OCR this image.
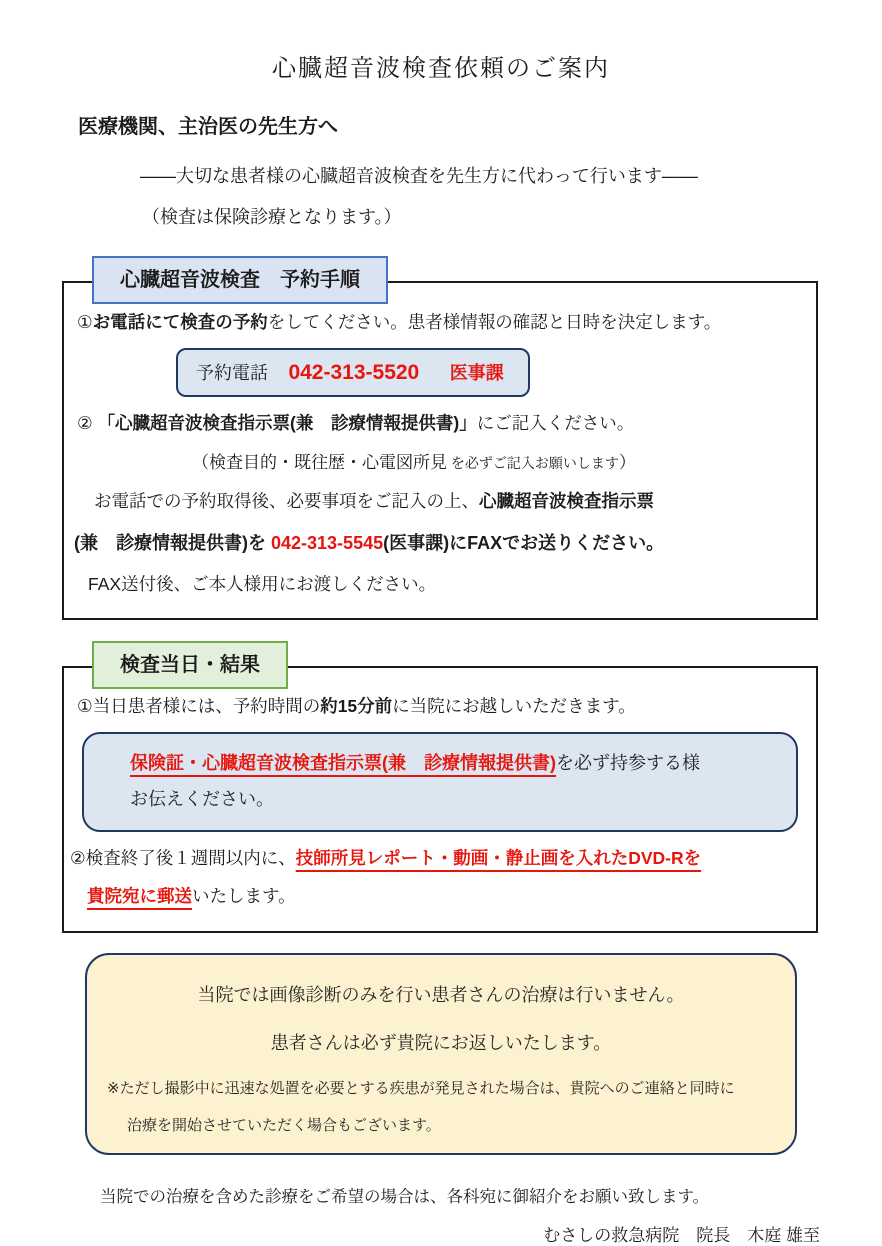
心臓超音波検査依頼のご案内
医療機関、主治医の先生方へ

――大切な患者様の心臓超音波検査を先生方に代わって行います――

（検査は保険診療となります。）

心臓超音波検査　予約手順

①お電話にて検査の予約をしてください。患者様情報の確認と日時を決定します。

予約電話 042-313-5520 医事課

② 「心臓超音波検査指示票(兼　診療情報提供書)」にご記入ください。

（検査目的・既往歴・心電図所見 を必ずご記入お願いします）

お電話での予約取得後、必要事項をご記入の上、心臓超音波検査指示票

(兼　診療情報提供書)を 042-313-5545(医事課)にFAXでお送りください。

FAX送付後、ご本人様用にお渡しください。

検査当日・結果

①当日患者様には、予約時間の約15分前に当院にお越しいただきます。

保険証・心臓超音波検査指示票(兼　診療情報提供書)を必ず持参する様
お伝えください。

②検査終了後１週間以内に、技師所見レポート・動画・静止画を入れたDVD-Rを

貴院宛に郵送いたします。

当院では画像診断のみを行い患者さんの治療は行いません。

患者さんは必ず貴院にお返しいたします。

※ただし撮影中に迅速な処置を必要とする疾患が発見された場合は、貴院へのご連絡と同時に

治療を開始させていただく場合もございます。

当院での治療を含めた診療をご希望の場合は、各科宛に御紹介をお願い致します。

むさしの救急病院　院長　木庭 雄至
